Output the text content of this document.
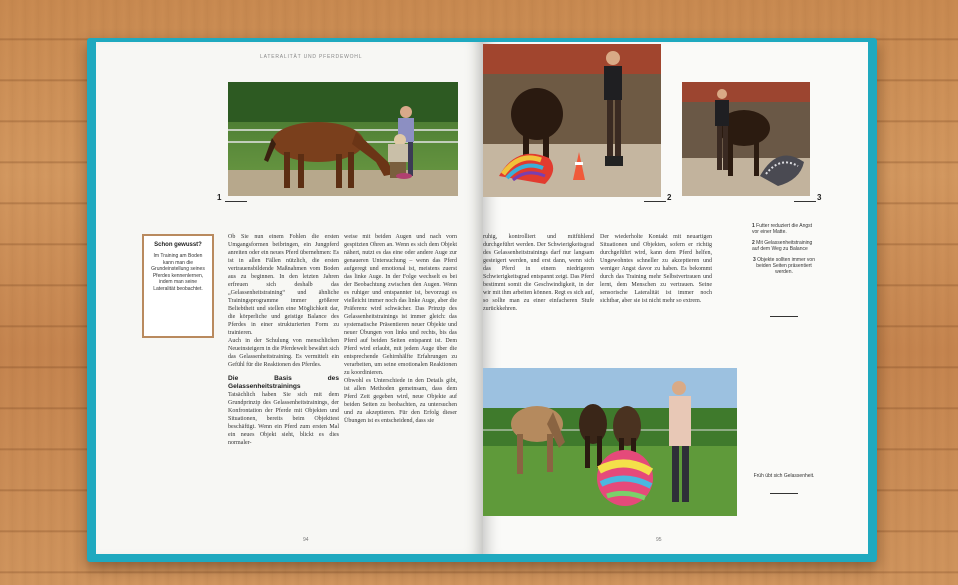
LATERALITÄT UND PFERDEWOHL
1
Schon gewusst?

Im Training am Boden kann man die Grundeinstellung seines Pferdes kennenlernen, indem man seine Lateralität beobachtet.

Ob Sie nun einem Fohlen die ersten Umgangsformen beibringen, ein Jungpferd anreiten oder ein neues Pferd übernehmen: Es ist in allen Fällen nützlich, die ersten vertrauensbildende Maßnahmen vom Boden aus zu beginnen. In den letzten Jahren erfreuen sich deshalb das „Gelassenheitstraining“ und ähnliche Trainingsprogramme immer größerer Beliebtheit und stellen eine Möglichkeit dar, die körperliche und geistige Balance des Pferdes in einer strukturierten Form zu trainieren.

Auch in der Schulung von menschlichen Neueinsteigern in die Pferdewelt bewährt sich das Gelassenheitstraining. Es vermittelt ein Gefühl für die Reaktionen des Pferdes.

Die Basis des Gelassenheitstrainings

Tatsächlich haben Sie sich mit dem Grundprinzip des Gelassenheitstrainings, der Konfrontation der Pferde mit Objekten und Situationen, bereits beim Objekttest beschäftigt. Wenn ein Pferd zum ersten Mal ein neues Objekt sieht, blickt es dies normaler-

weise mit beiden Augen und nach vorn gespitzten Ohren an. Wenn es sich dem Objekt nähert, nutzt es das eine oder andere Auge zur genaueren Untersuchung – wenn das Pferd aufgeregt und emotional ist, meistens zuerst das linke Auge. In der Folge wechselt es bei der Beobachtung zwischen den Augen. Wenn es ruhiger und entspannter ist, bevorzugt es vielleicht immer noch das linke Auge, aber die Präferenz wird schwächer. Das Prinzip des Gelassenheitstrainings ist immer gleich: das systematische Präsentieren neuer Objekte und neuer Übungen von links und rechts, bis das Pferd auf beiden Seiten entspannt ist. Dem Pferd wird erlaubt, mit jedem Auge über die entsprechende Gehirnhälfte Erfahrungen zu verarbeiten, um seine emotionalen Reaktionen zu koordinieren.

Obwohl es Unterschiede in den Details gibt, ist allen Methoden gemeinsam, dass dem Pferd Zeit gegeben wird, neue Objekte auf beiden Seiten zu beobachten, zu untersuchen und zu akzeptieren. Für den Erfolg dieser Übungen ist es entscheidend, dass sie

94
2	3

ruhig, kontrolliert und mitfühlend durchgeführt werden. Der Schwierigkeitsgrad des Gelassenheitstrainings darf nur langsam gesteigert werden, und erst dann, wenn sich das Pferd in einem niedrigeren Schwierigkeitsgrad entspannt zeigt. Das Pferd bestimmt somit die Geschwindigkeit, in der wir mit ihm arbeiten können. Regt es sich auf, so sollte man zu einer einfacheren Stufe zurückkehren.

Der wiederholte Kontakt mit neuartigen Situationen und Objekten, sofern er richtig durchgeführt wird, kann dem Pferd helfen, Ungewohntes schneller zu akzeptieren und weniger Angst davor zu haben. Es bekommt durch das Training mehr Selbstvertrauen und lernt, dem Menschen zu vertrauen. Seine sensorische Lateralität ist immer noch sichtbar, aber sie ist nicht mehr so extrem.

1 Futter reduziert die Angst vor einer Matte.
2 Mit Gelassenheitstraining auf dem Weg zu Balance
3 Objekte sollten immer von beiden Seiten präsentiert werden.
Früh übt sich Gelassenheit.
95
